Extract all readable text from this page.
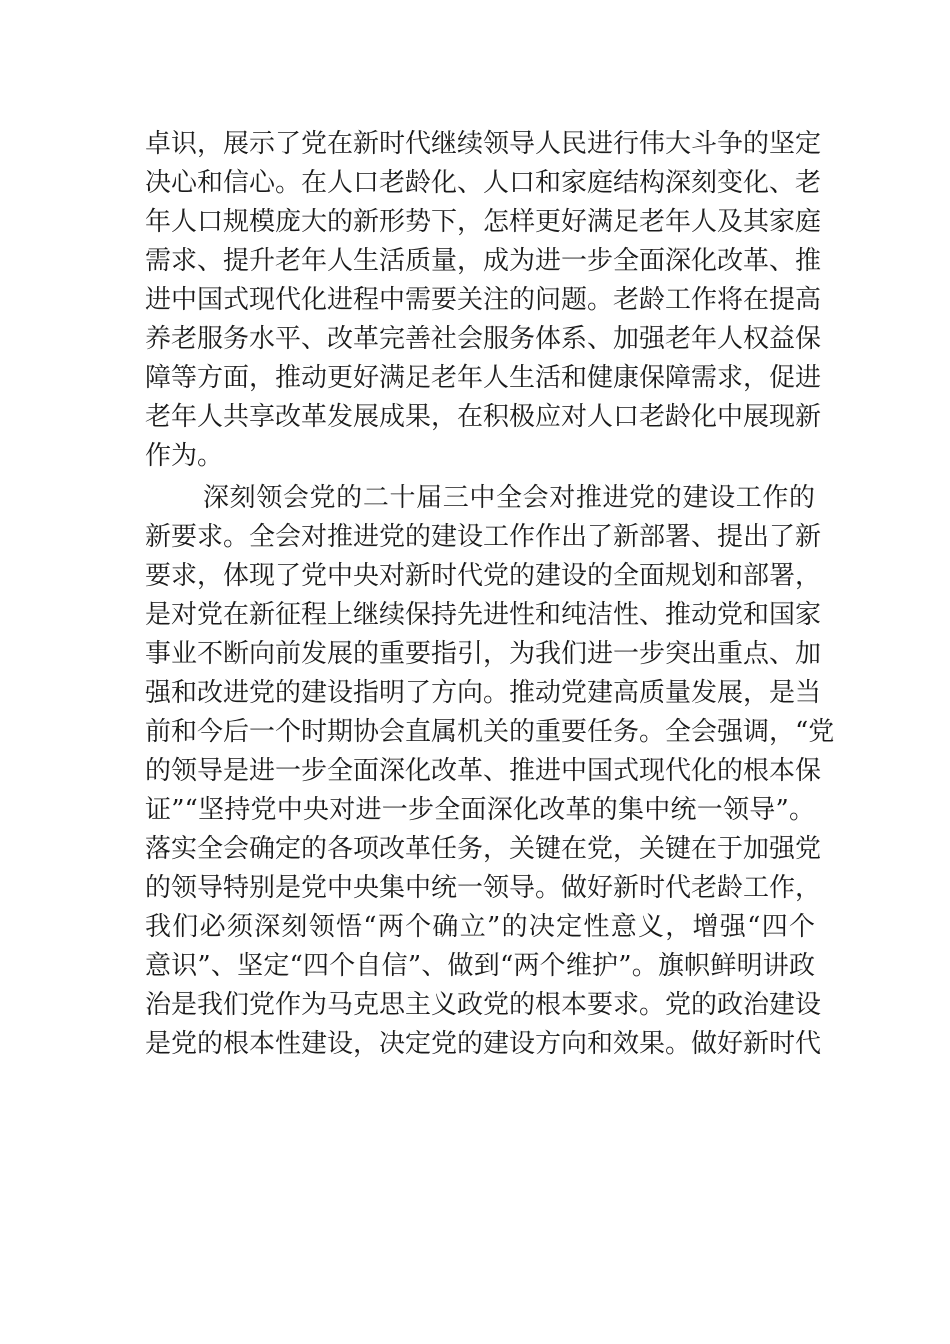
卓识，展示了党在新时代继续领导人民进行伟大斗争的坚定
决心和信心。在人口老龄化、人口和家庭结构深刻变化、老
年人口规模庞大的新形势下，怎样更好满足老年人及其家庭
需求、提升老年人生活质量，成为进一步全面深化改革、推
进中国式现代化进程中需要关注的问题。老龄工作将在提高
养老服务水平、改革完善社会服务体系、加强老年人权益保
障等方面，推动更好满足老年人生活和健康保障需求，促进
老年人共享改革发展成果，在积极应对人口老龄化中展现新
作为。
深刻领会党的二十届三中全会对推进党的建设工作的
新要求。全会对推进党的建设工作作出了新部署、提出了新
要求，体现了党中央对新时代党的建设的全面规划和部署，
是对党在新征程上继续保持先进性和纯洁性、推动党和国家
事业不断向前发展的重要指引，为我们进一步突出重点、加
强和改进党的建设指明了方向。推动党建高质量发展，是当
前和今后一个时期协会直属机关的重要任务。全会强调，“党
的领导是进一步全面深化改革、推进中国式现代化的根本保
证”“坚持党中央对进一步全面深化改革的集中统一领导”。
落实全会确定的各项改革任务，关键在党，关键在于加强党
的领导特别是党中央集中统一领导。做好新时代老龄工作，
我们必须深刻领悟“两个确立”的决定性意义，增强“四个
意识”、坚定“四个自信”、做到“两个维护”。旗帜鲜明讲政
治是我们党作为马克思主义政党的根本要求。党的政治建设
是党的根本性建设，决定党的建设方向和效果。做好新时代
